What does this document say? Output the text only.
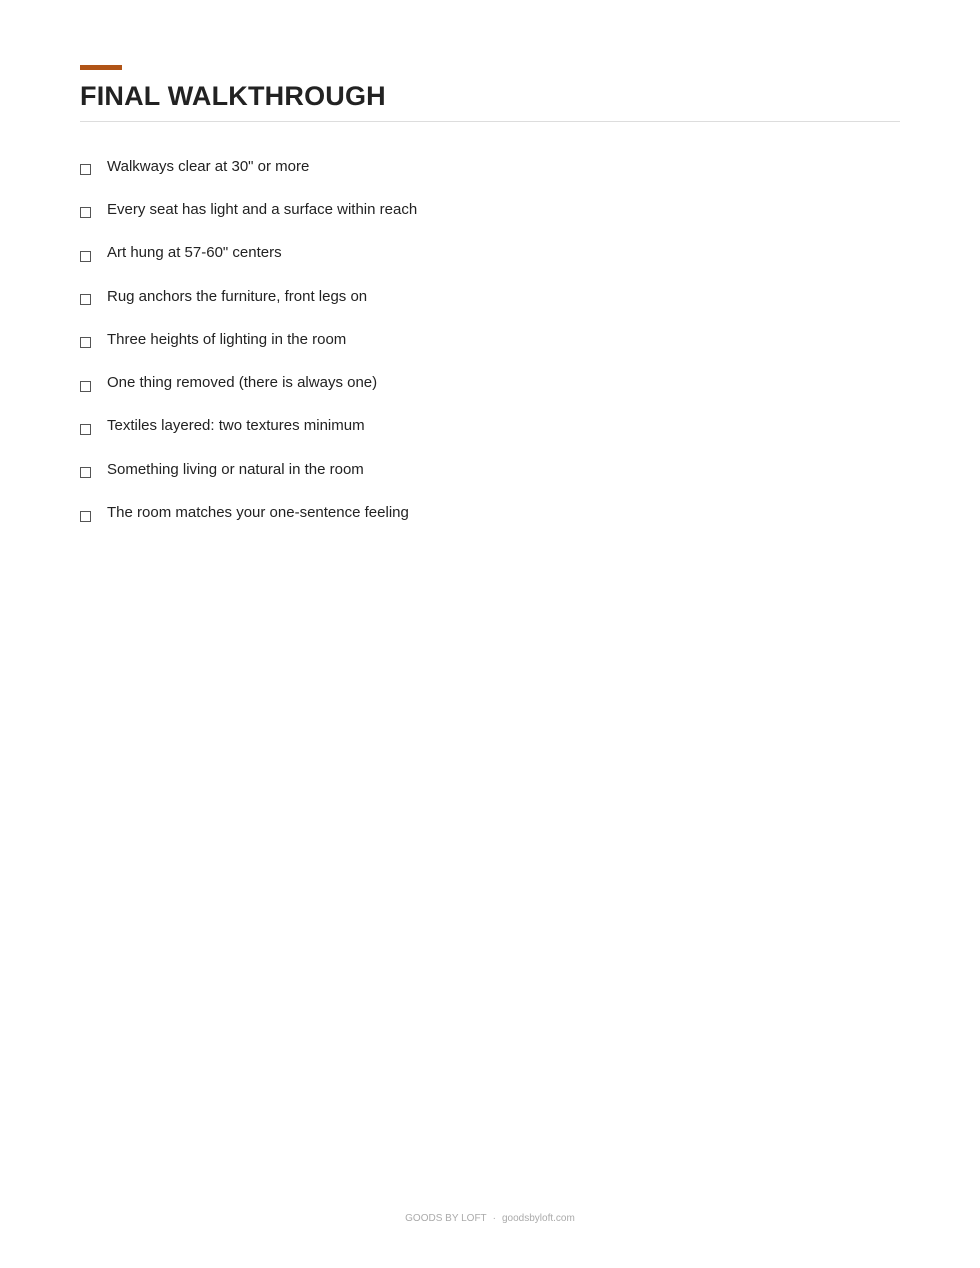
FINAL WALKTHROUGH
Walkways clear at 30" or more
Every seat has light and a surface within reach
Art hung at 57-60" centers
Rug anchors the furniture, front legs on
Three heights of lighting in the room
One thing removed (there is always one)
Textiles layered: two textures minimum
Something living or natural in the room
The room matches your one-sentence feeling
GOODS BY LOFT · goodsbyloft.com
